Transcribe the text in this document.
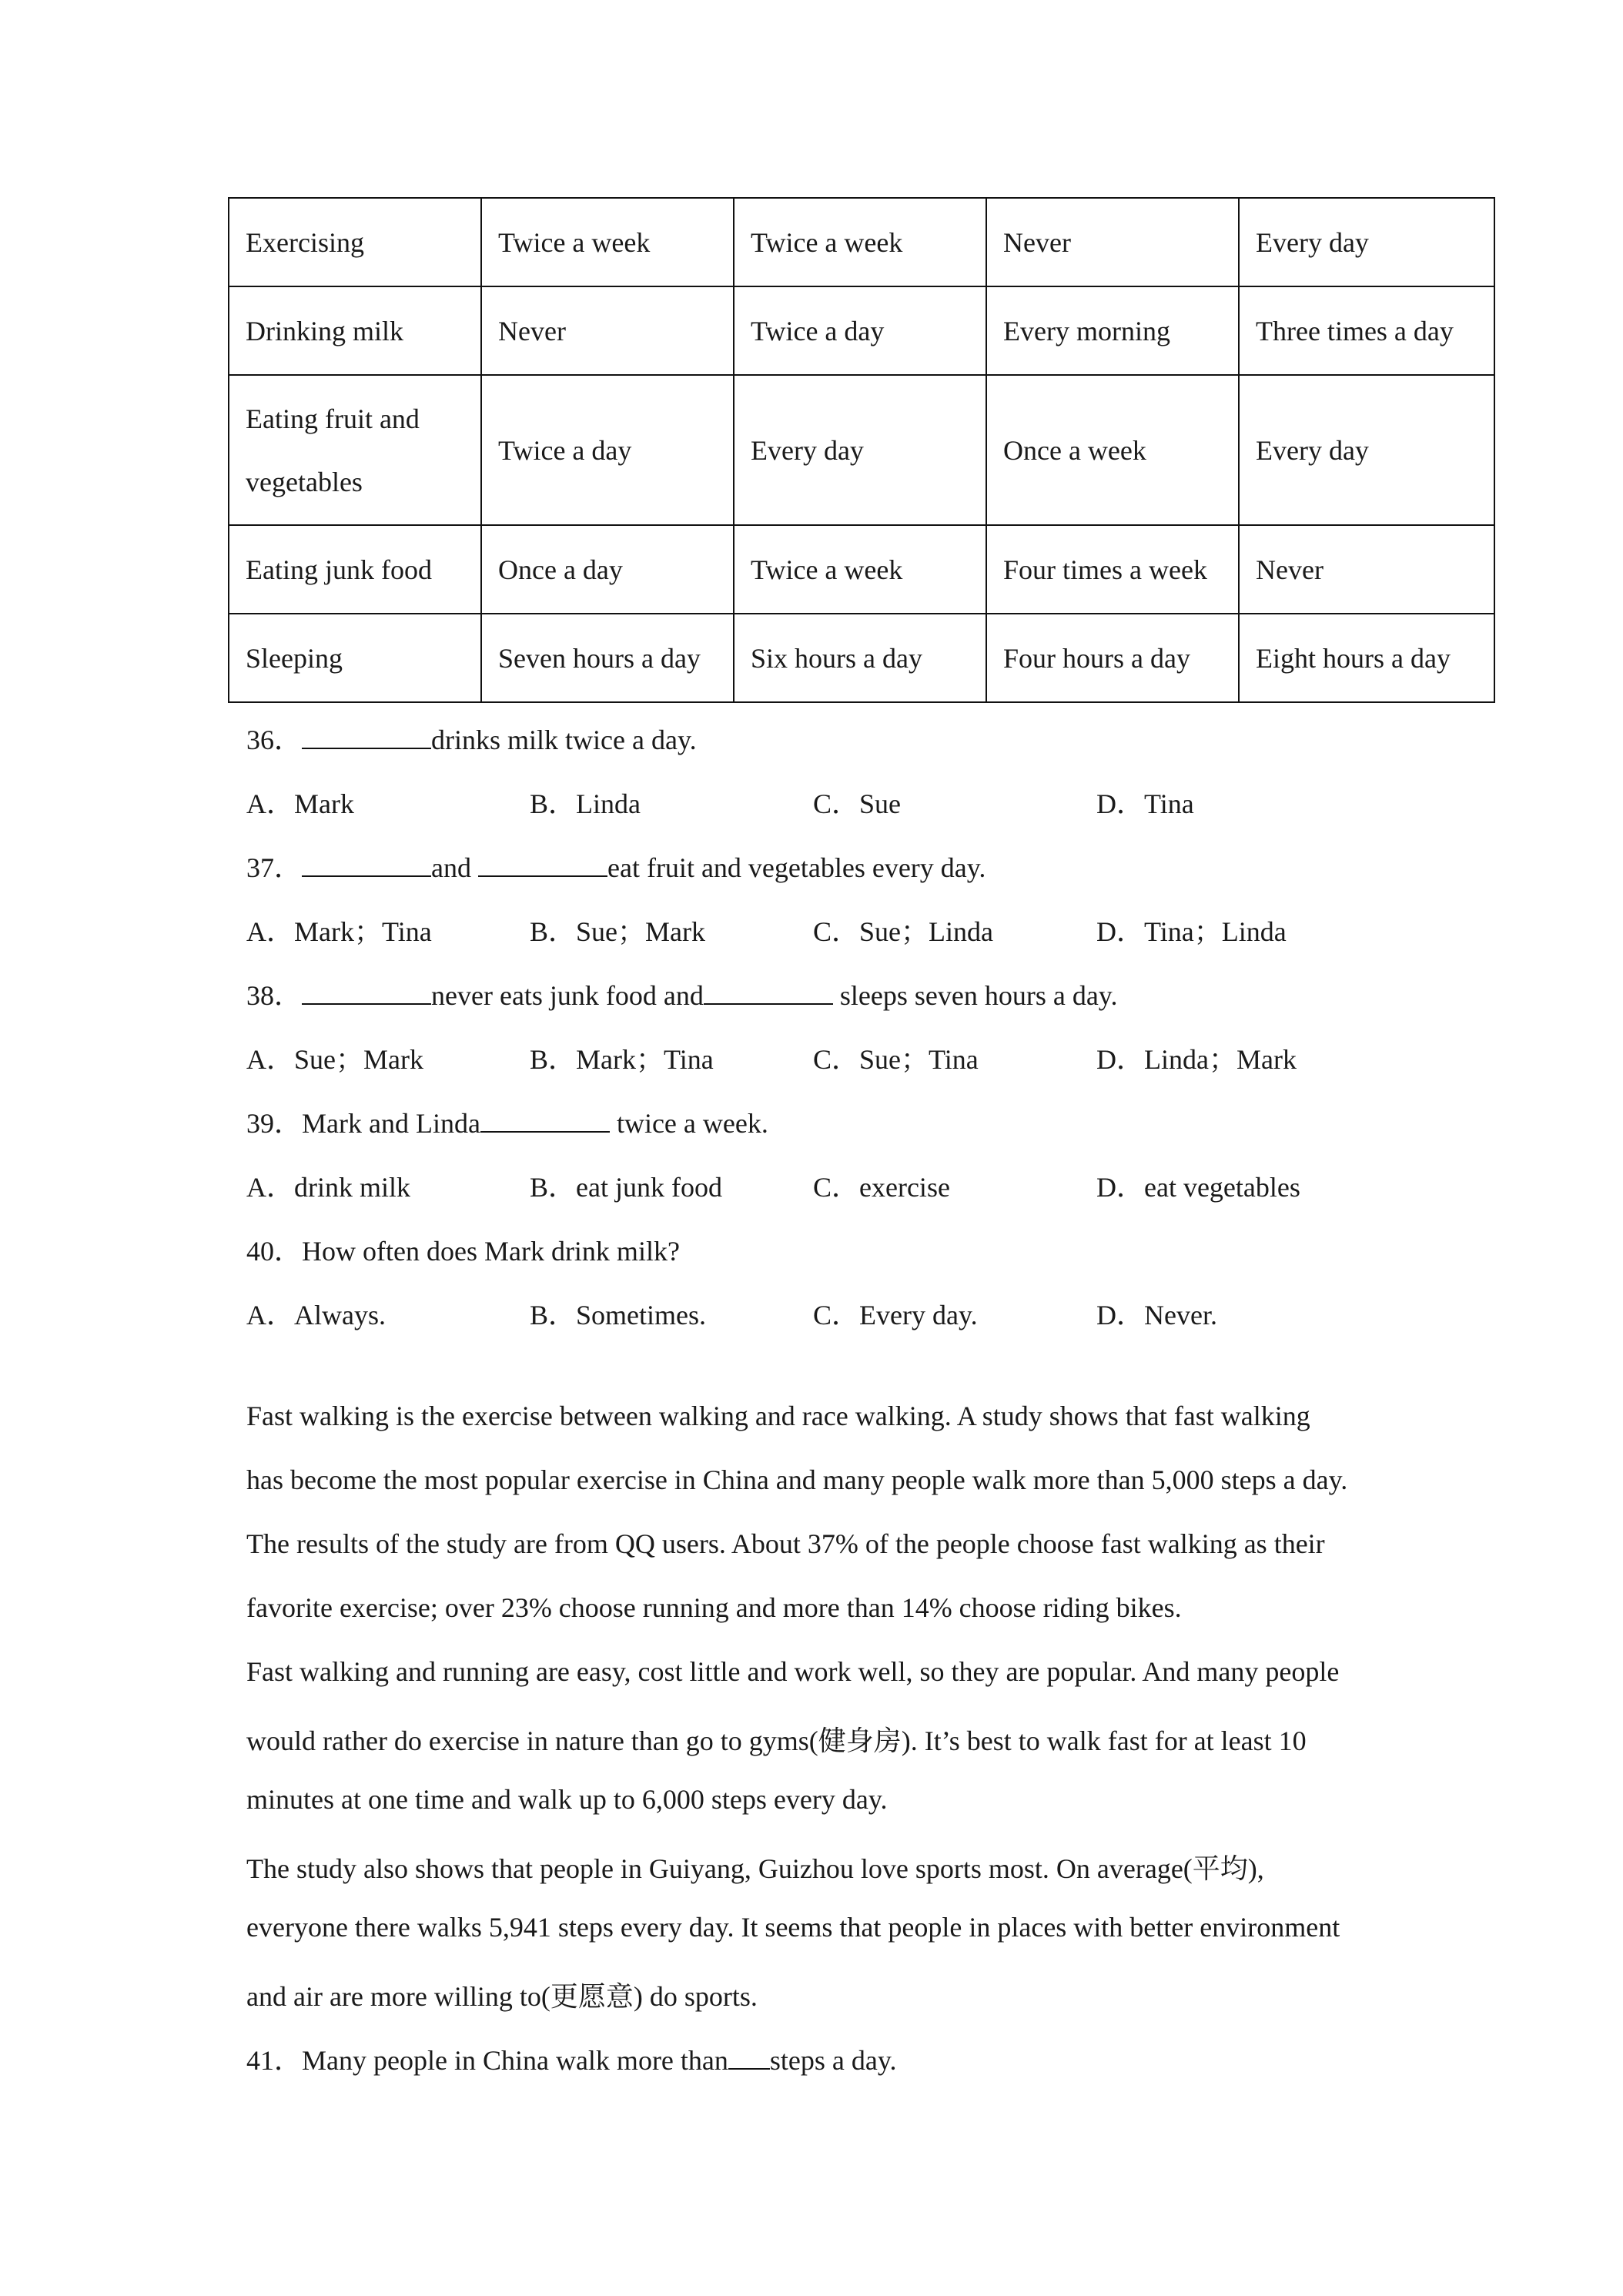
Exercising	Twice a week	Twice a week	Never	Every day
Drinking milk	Never	Twice a day	Every morning	Three times a day

Eating fruit and
vegetables	Twice a day	Every day	Once a week	Every day
Eating junk food	Once a day	Twice a week	Four times a week	Never
Sleeping	Seven hours a day	Six hours a day	Four hours a day	Eight hours a day
36．	drinks milk twice a day.
A．Mark	B．Linda	C．Sue	D．Tina
37．	and	eat fruit and vegetables every day.
A．Mark；Tina	B．Sue；Mark	C．Sue；Linda	D．Tina；Linda
38．	never eats junk food and	sleeps seven hours a day.
A．Sue；Mark	B．Mark；Tina	C．Sue；Tina	D．Linda；Mark
39．Mark and Linda	twice a week.
A．drink milk	B．eat junk food	C．exercise	D．eat vegetables
40．How often does Mark drink milk?
A．Always.	B．Sometimes.	C．Every day.	D．Never.
Fast walking is the exercise between walking and race walking. A study shows that fast walking
has become the most popular exercise in China and many people walk more than 5,000 steps a day.
The results of the study are from QQ users. About 37% of the people choose fast walking as their
favorite exercise; over 23% choose running and more than 14% choose riding bikes.
Fast walking and running are easy, cost little and work well, so they are popular. And many people
would rather do exercise in nature than go to gyms(健身房). It’s best to walk fast for at least 10
minutes at one time and walk up to 6,000 steps every day.
The study also shows that people in Guiyang, Guizhou love sports most. On average(平均),
everyone there walks 5,941 steps every day. It seems that people in places with better environment
and air are more willing to(更愿意) do sports.
41．Many people in China walk more than steps a day.
